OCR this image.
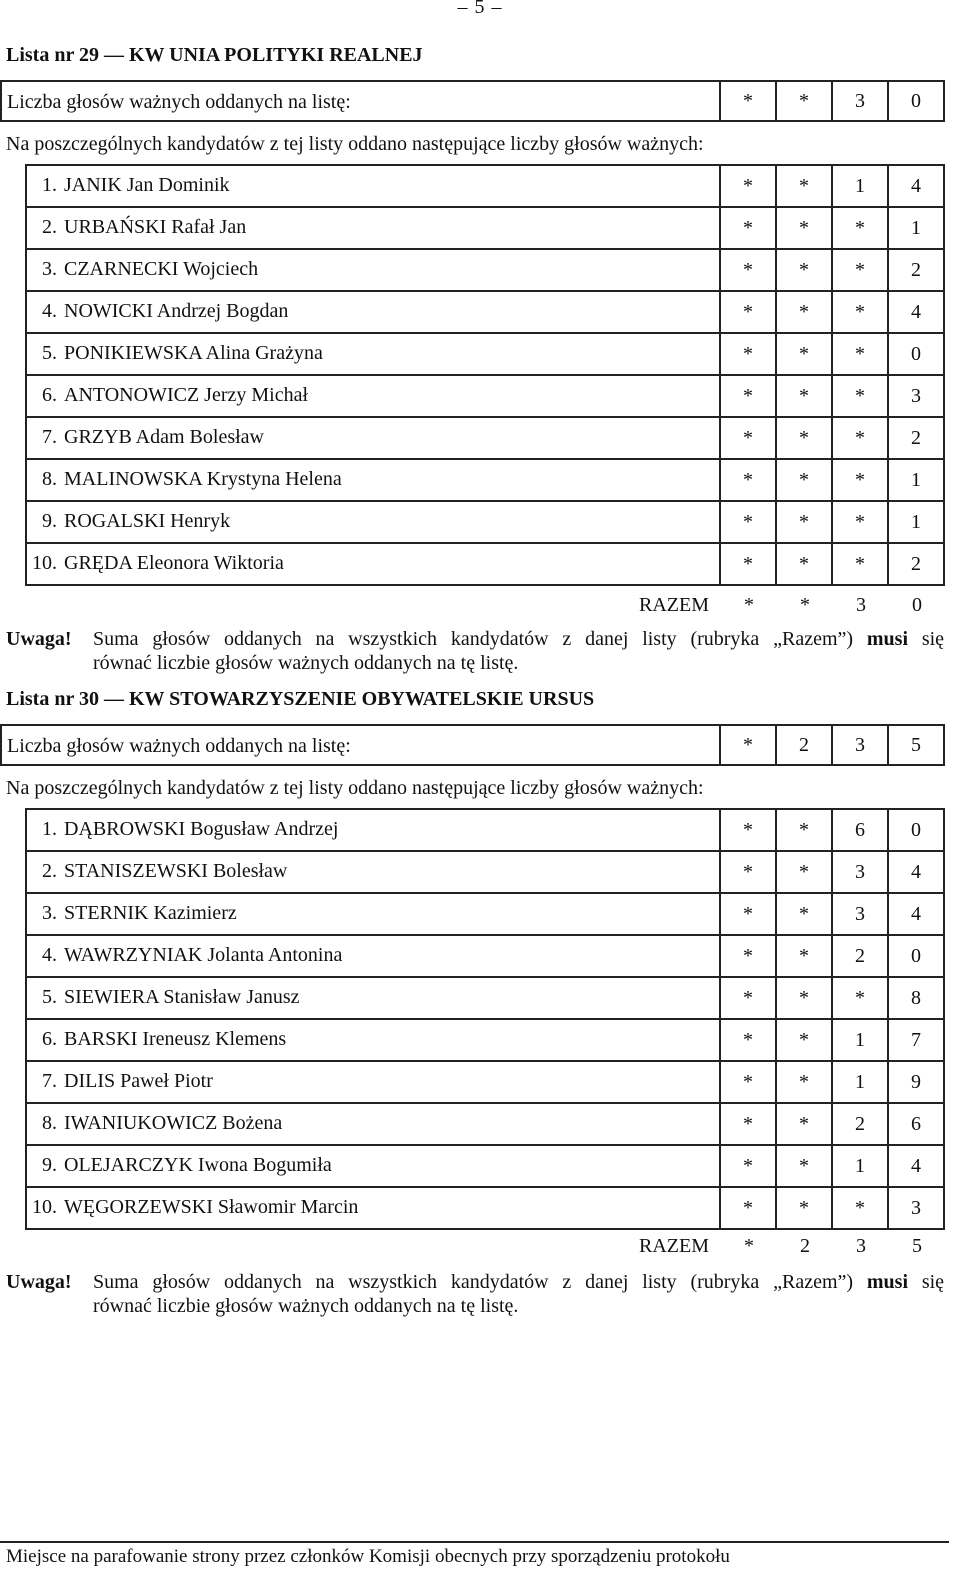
– 5 –
Lista nr 29 — KW UNIA POLITYKI REALNEJ
Liczba głosów ważnych oddanych na listę:	*	*	3	0
Na poszczególnych kandydatów z tej listy oddano następujące liczby głosów ważnych:
1. JANIK Jan Dominik	*	*	1	4
2. URBAŃSKI Rafał Jan	*	*	*	1
3. CZARNECKI Wojciech	*	*	*	2
4. NOWICKI Andrzej Bogdan	*	*	*	4
5. PONIKIEWSKA Alina Grażyna	*	*	*	0
6. ANTONOWICZ Jerzy Michał	*	*	*	3
7. GRZYB Adam Bolesław	*	*	*	2
8. MALINOWSKA Krystyna Helena	*	*	*	1
9. ROGALSKI Henryk	*	*	*	1
10. GRĘDA Eleonora Wiktoria	*	*	*	2
RAZEM	*	*	3	0
Uwaga! Suma głosów oddanych na wszystkich kandydatów z danej listy (rubryka „Razem”) musi się
równać liczbie głosów ważnych oddanych na tę listę.
Lista nr 30 — KW STOWARZYSZENIE OBYWATELSKIE URSUS
Liczba głosów ważnych oddanych na listę:	*	2	3	5
Na poszczególnych kandydatów z tej listy oddano następujące liczby głosów ważnych:
1. DĄBROWSKI Bogusław Andrzej	*	*	6	0
2. STANISZEWSKI Bolesław	*	*	3	4
3. STERNIK Kazimierz	*	*	3	4
4. WAWRZYNIAK Jolanta Antonina	*	*	2	0
5. SIEWIERA Stanisław Janusz	*	*	*	8
6. BARSKI Ireneusz Klemens	*	*	1	7
7. DILIS Paweł Piotr	*	*	1	9
8. IWANIUKOWICZ Bożena	*	*	2	6
9. OLEJARCZYK Iwona Bogumiła	*	*	1	4
10. WĘGORZEWSKI Sławomir Marcin	*	*	*	3
RAZEM	*	2	3	5
Uwaga! Suma głosów oddanych na wszystkich kandydatów z danej listy (rubryka „Razem”) musi się
równać liczbie głosów ważnych oddanych na tę listę.
Miejsce na parafowanie strony przez członków Komisji obecnych przy sporządzeniu protokołu
